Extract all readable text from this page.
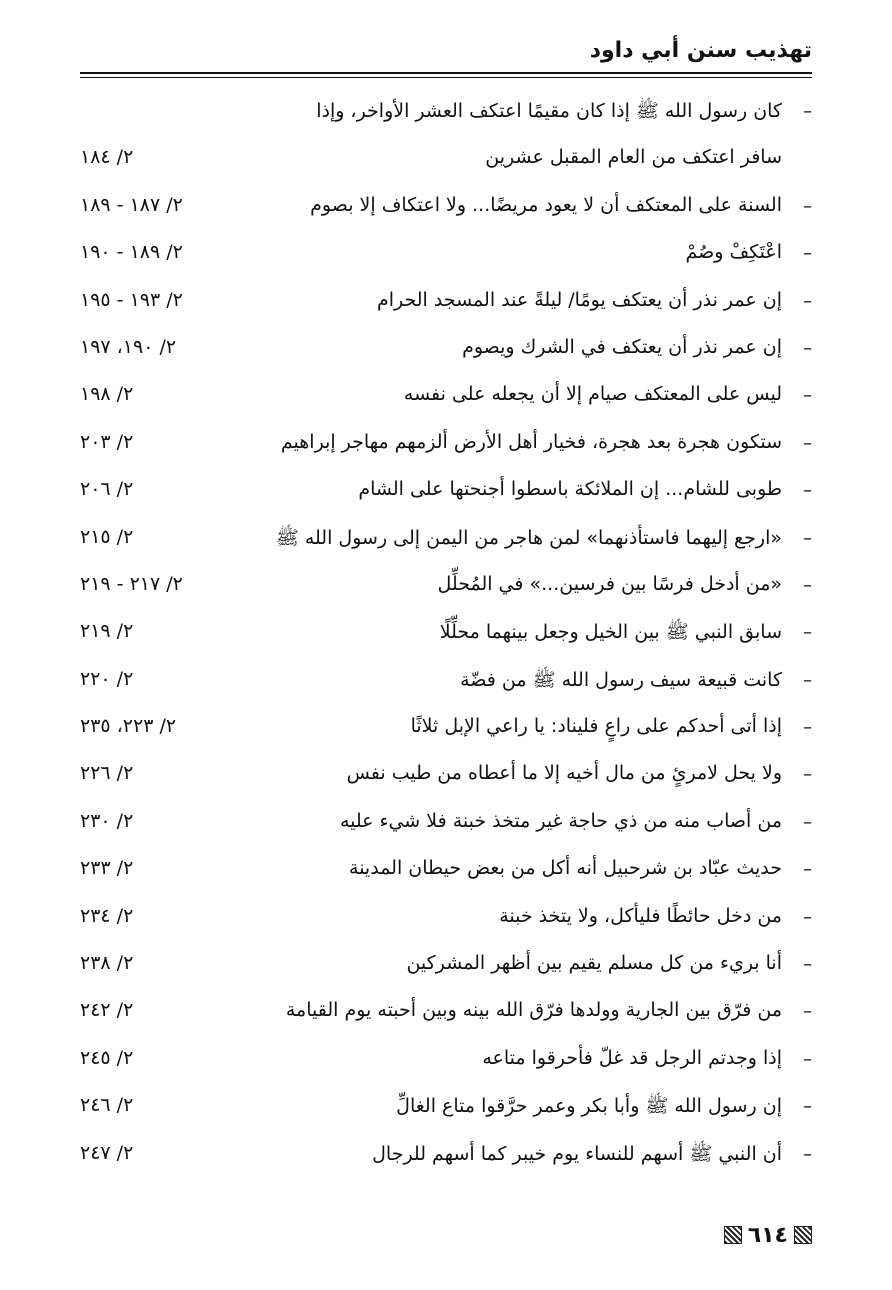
تهذيب سنن أبي داود
–
كان رسول الله ﷺ إذا كان مقيمًا اعتكف العشر الأواخر، وإذا
سافر اعتكف من العام المقبل عشرين
٢/ ١٨٤
–
السنة على المعتكف أن لا يعود مريضًا... ولا اعتكاف إلا بصوم
٢/ ١٨٧ - ١٨٩
–
اعْتَكِفْ وصُمْ
٢/ ١٨٩ - ١٩٠
–
إن عمر نذر أن يعتكف يومًا/ ليلةً عند المسجد الحرام
٢/ ١٩٣ - ١٩٥
–
إن عمر نذر أن يعتكف في الشرك ويصوم
٢/ ١٩٠، ١٩٧
–
ليس على المعتكف صيام إلا أن يجعله على نفسه
٢/ ١٩٨
–
ستكون هجرة بعد هجرة، فخيار أهل الأرض ألزمهم مهاجر إبراهيم
٢/ ٢٠٣
–
طوبى للشام... إن الملائكة باسطوا أجنحتها على الشام
٢/ ٢٠٦
–
«ارجع إليهما فاستأذنهما» لمن هاجر من اليمن إلى رسول الله ﷺ
٢/ ٢١٥
–
«من أدخل فرسًا بين فرسين...» في المُحلِّل
٢/ ٢١٧ - ٢١٩
–
سابق النبي ﷺ بين الخيل وجعل بينهما محلِّلًا
٢/ ٢١٩
–
كانت قبيعة سيف رسول الله ﷺ من فضّة
٢/ ٢٢٠
–
إذا أتى أحدكم على راعٍ فليناد: يا راعي الإبل ثلاثًا
٢/ ٢٢٣، ٢٣٥
–
ولا يحل لامرئٍ من مال أخيه إلا ما أعطاه من طيب نفس
٢/ ٢٢٦
–
من أصاب منه من ذي حاجة غير متخذ خبنة فلا شيء عليه
٢/ ٢٣٠
–
حديث عبّاد بن شرحبيل أنه أكل من بعض حيطان المدينة
٢/ ٢٣٣
–
من دخل حائطًا فليأكل، ولا يتخذ خبنة
٢/ ٢٣٤
–
أنا بريء من كل مسلم يقيم بين أظهر المشركين
٢/ ٢٣٨
–
من فرّق بين الجارية وولدها فرّق الله بينه وبين أحبته يوم القيامة
٢/ ٢٤٢
–
إذا وجدتم الرجل قد غلّ فأحرقوا متاعه
٢/ ٢٤٥
–
إن رسول الله ﷺ وأبا بكر وعمر حرَّقوا متاع الغالِّ
٢/ ٢٤٦
–
أن النبي ﷺ أسهم للنساء يوم خيبر كما أسهم للرجال
٢/ ٢٤٧
٦١٤
